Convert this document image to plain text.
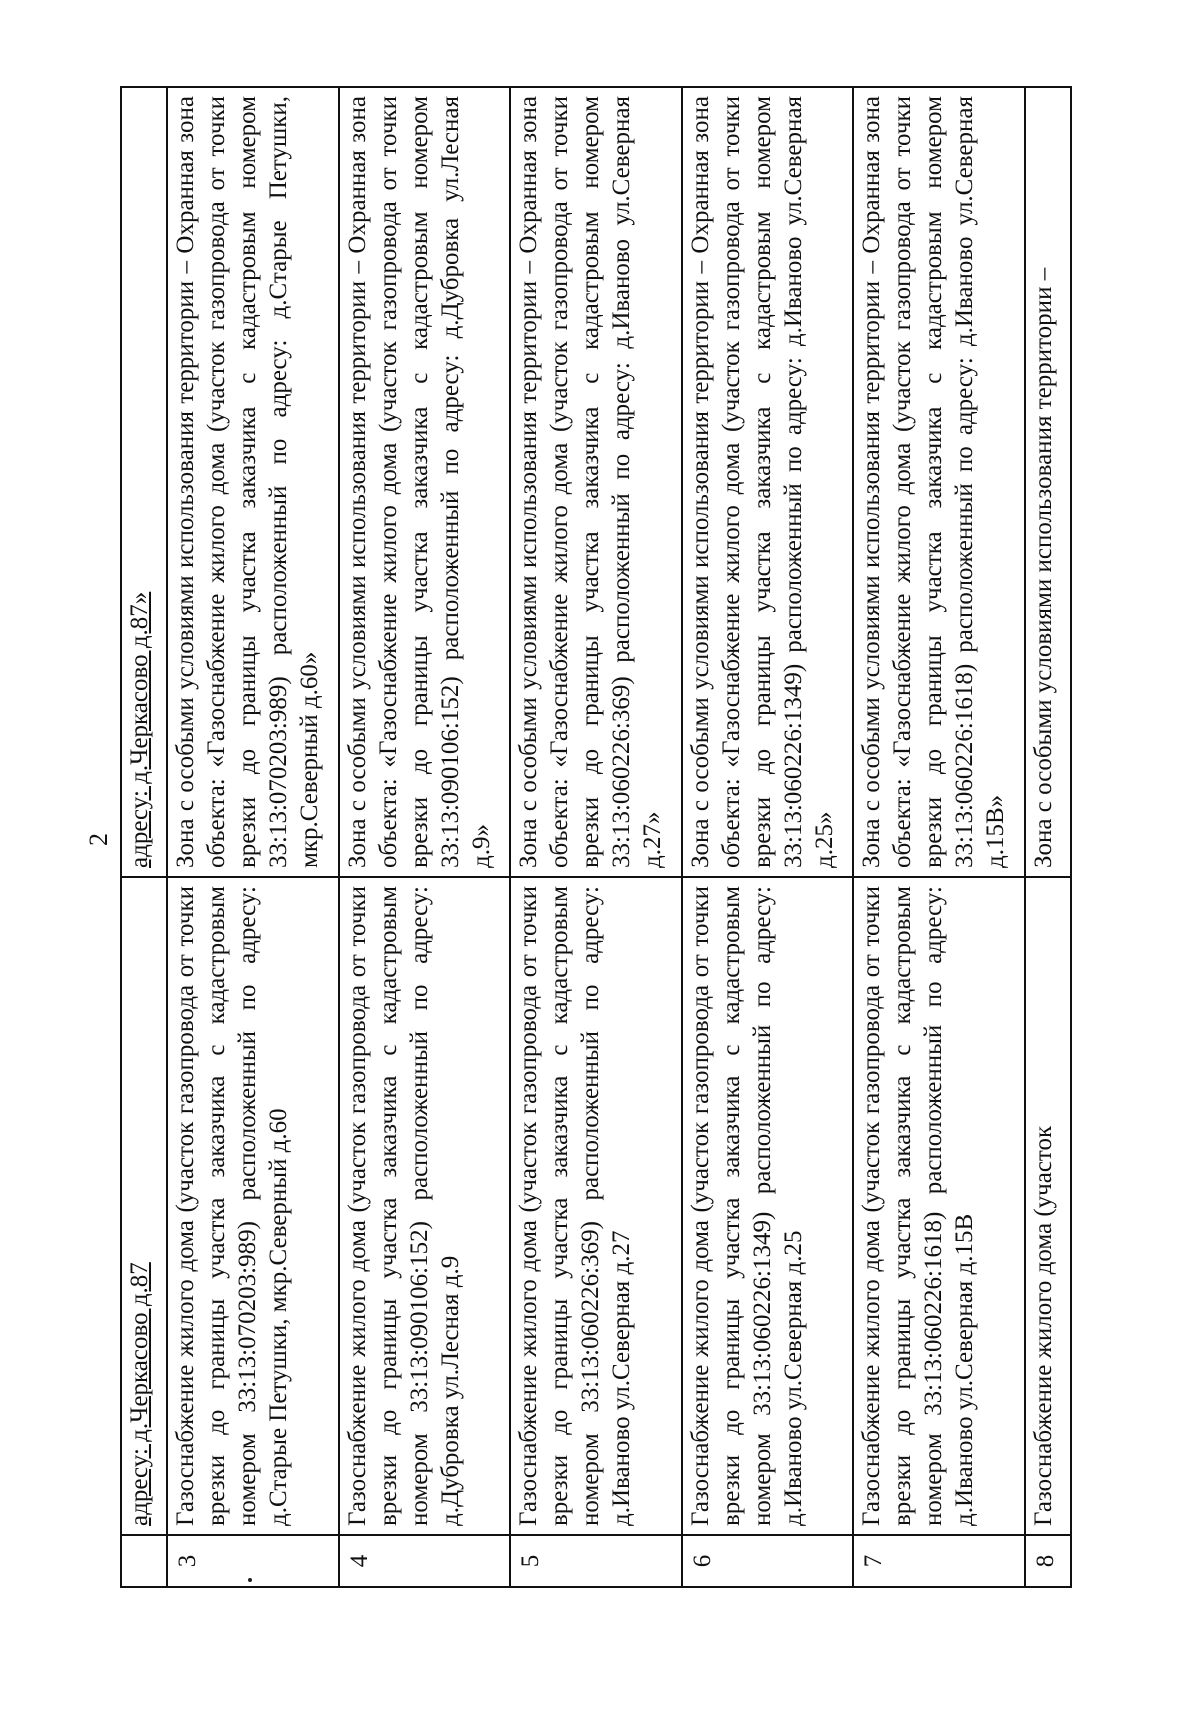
2
	адресу: д.Черкасово д.87	адресу: д.Черкасово д.87»
3	Газоснабжение жилого дома (участок газопровода от точки врезки до границы участка заказчика с кадастровым номером 33:13:070203:989) расположенный по адресу: д.Старые Петушки, мкр.Северный д.60	Зона с особыми условиями использования территории – Охранная зона объекта: «Газоснабжение жилого дома (участок газопровода от точки врезки до границы участка заказчика с кадастровым номером 33:13:070203:989) расположенный по адресу: д.Старые Петушки, мкр.Северный д.60»
4	Газоснабжение жилого дома (участок газопровода от точки врезки до границы участка заказчика с кадастровым номером 33:13:090106:152) расположенный по адресу: д.Дубровка ул.Лесная д.9	Зона с особыми условиями использования территории – Охранная зона объекта: «Газоснабжение жилого дома (участок газопровода от точки врезки до границы участка заказчика с кадастровым номером 33:13:090106:152) расположенный по адресу: д.Дубровка ул.Лесная д.9»
5	Газоснабжение жилого дома (участок газопровода от точки врезки до границы участка заказчика с кадастровым номером 33:13:060226:369) расположенный по адресу: д.Иваново ул.Северная д.27	Зона с особыми условиями использования территории – Охранная зона объекта: «Газоснабжение жилого дома (участок газопровода от точки врезки до границы участка заказчика с кадастровым номером 33:13:060226:369) расположенный по адресу: д.Иваново ул.Северная д.27»
6	Газоснабжение жилого дома (участок газопровода от точки врезки до границы участка заказчика с кадастровым номером 33:13:060226:1349) расположенный по адресу: д.Иваново ул.Северная д.25	Зона с особыми условиями использования территории – Охранная зона объекта: «Газоснабжение жилого дома (участок газопровода от точки врезки до границы участка заказчика с кадастровым номером 33:13:060226:1349) расположенный по адресу: д.Иваново ул.Северная д.25»
7	Газоснабжение жилого дома (участок газопровода от точки врезки до границы участка заказчика с кадастровым номером 33:13:060226:1618) расположенный по адресу: д.Иваново ул.Северная д.15В	Зона с особыми условиями использования территории – Охранная зона объекта: «Газоснабжение жилого дома (участок газопровода от точки врезки до границы участка заказчика с кадастровым номером 33:13:060226:1618) расположенный по адресу: д.Иваново ул.Северная д.15В»
8	Газоснабжение жилого дома (участок	Зона с особыми условиями использования территории –
